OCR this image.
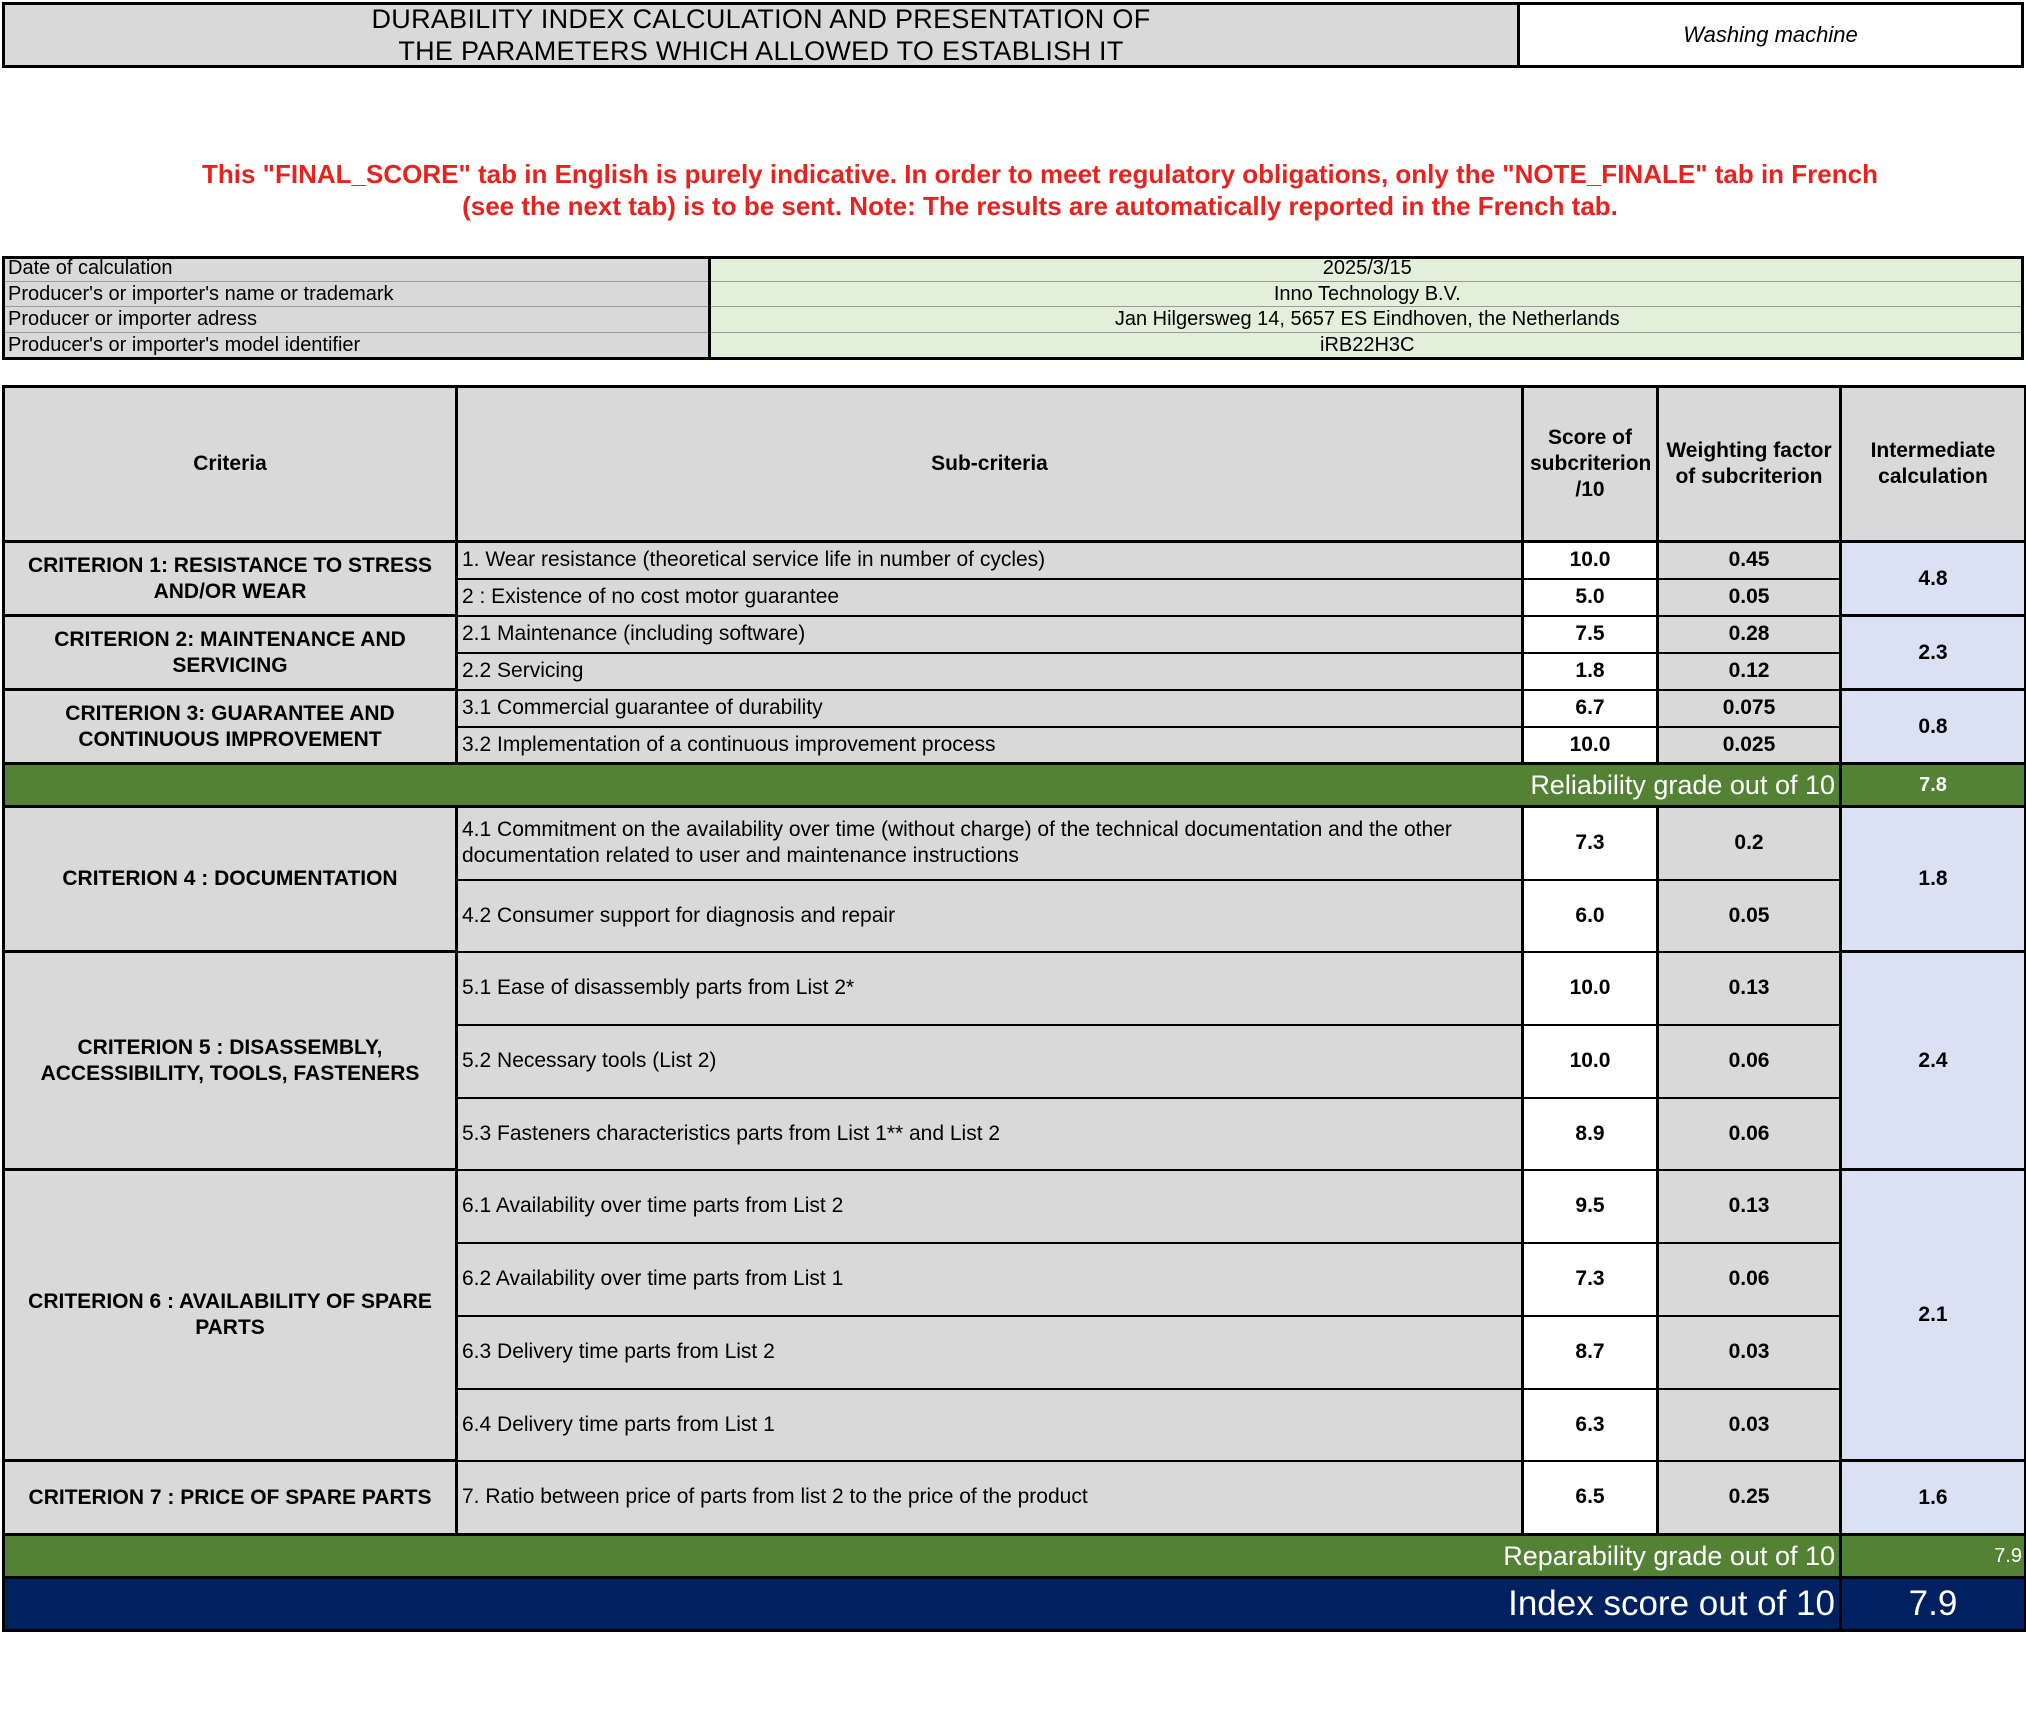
DURABILITY INDEX CALCULATION AND PRESENTATION OF
THE PARAMETERS WHICH ALLOWED TO ESTABLISH IT
Washing machine
This "FINAL_SCORE" tab in English is purely indicative. In order to meet regulatory obligations, only the "NOTE_FINALE" tab in French
(see the next tab) is to be sent. Note: The results are automatically reported in the French tab.
Date of calculation	2025/3/15
Producer's or importer's name or trademark	Inno Technology B.V.
Producer or importer adress	Jan Hilgersweg 14, 5657 ES Eindhoven, the Netherlands
Producer's or importer's model identifier	iRB22H3C
Criteria	Sub-criteria	Score of subcriterion /10	Weighting factor of subcriterion	Intermediate calculation
CRITERION 1: RESISTANCE TO STRESS AND/OR WEAR	1. Wear resistance (theoretical service life in number of cycles)	10.0	0.45	4.8
	2 : Existence of no cost motor guarantee	5.0	0.05	
CRITERION 2: MAINTENANCE AND SERVICING	2.1 Maintenance (including software)	7.5	0.28	2.3
	2.2 Servicing	1.8	0.12	
CRITERION 3: GUARANTEE AND CONTINUOUS IMPROVEMENT	3.1 Commercial guarantee of durability	6.7	0.075	0.8
	3.2 Implementation of a continuous improvement process	10.0	0.025	
Reliability grade out of 10				7.8
CRITERION 4 : DOCUMENTATION	4.1 Commitment on the availability over time (without charge) of the technical documentation and the other documentation related to user and maintenance instructions	7.3	0.2	1.8
	4.2 Consumer support for diagnosis and repair	6.0	0.05	
CRITERION 5 : DISASSEMBLY, ACCESSIBILITY, TOOLS, FASTENERS	5.1 Ease of disassembly parts from List 2*	10.0	0.13	2.4
	5.2 Necessary tools (List 2)	10.0	0.06	
	5.3 Fasteners characteristics parts from List 1** and List 2	8.9	0.06	
CRITERION 6 : AVAILABILITY OF SPARE PARTS	6.1 Availability over time parts from List 2	9.5	0.13	2.1
	6.2 Availability over time parts from List 1	7.3	0.06	
	6.3 Delivery time parts from List 2	8.7	0.03	
	6.4 Delivery time parts from List 1	6.3	0.03	
CRITERION 7 : PRICE OF SPARE PARTS	7. Ratio between price of parts from list 2 to the price of the product	6.5	0.25	1.6
Reparability grade out of 10				7.9
Index score out of 10				7.9
